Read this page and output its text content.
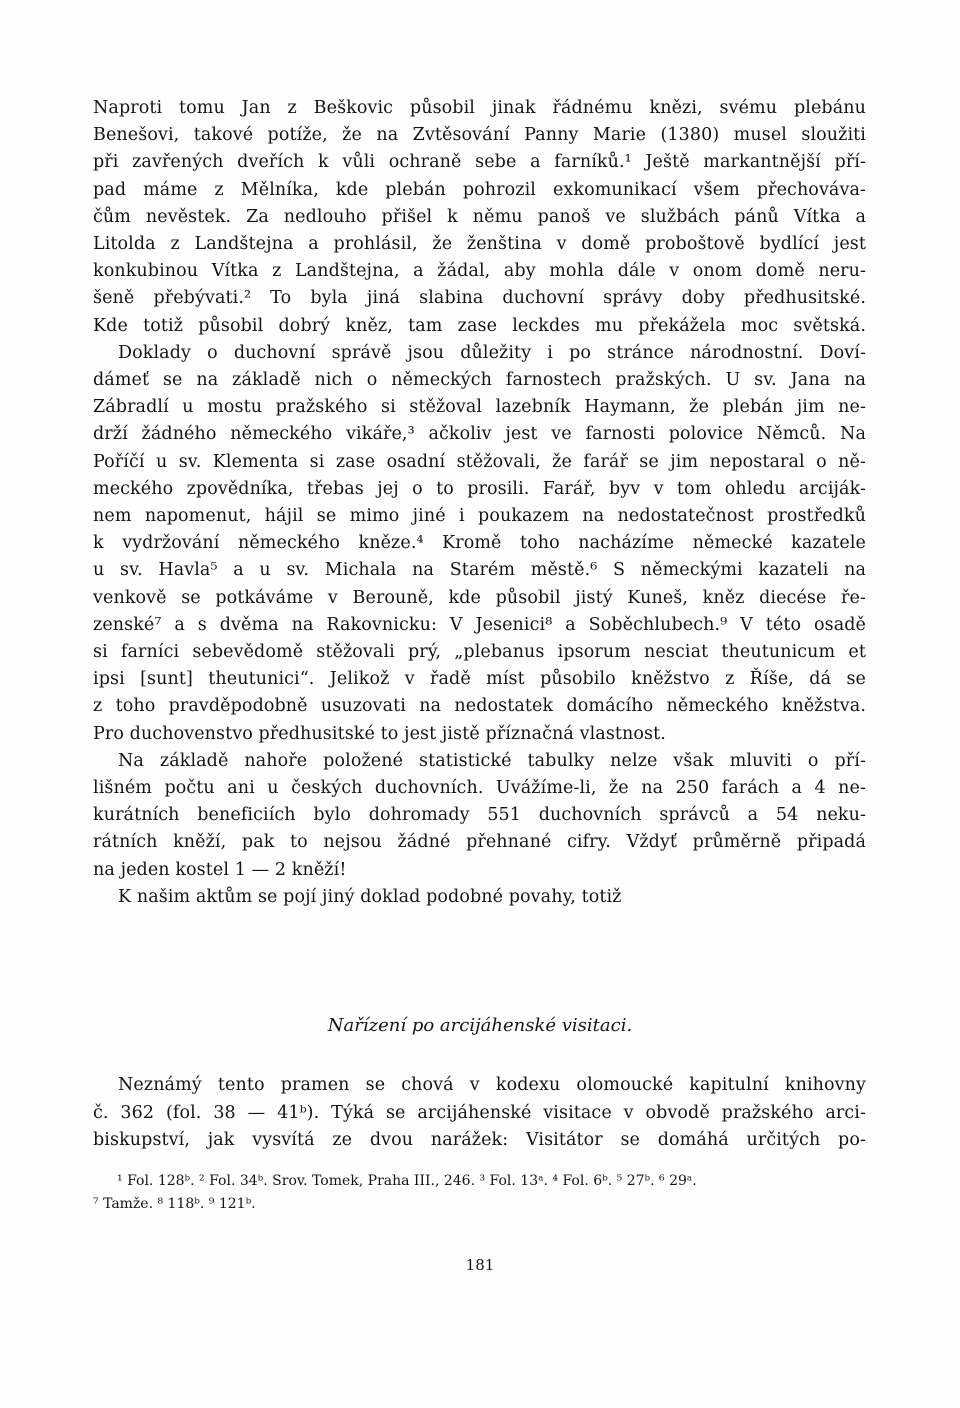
Naproti tomu Jan z Beškovic působil jinak řádnému knězi, svému plebánu
Benešovi, takové potíže, že na Zvtěsování Panny Marie (1380) musel sloužiti
při zavřených dveřích k vůli ochraně sebe a farníků.¹ Ještě markantnější pří-
pad máme z Mělníka, kde plebán pohrozil exkomunikací všem přechováva-
čům nevěstek. Za nedlouho přišel k němu panoš ve službách pánů Vítka a
Litolda z Landštejna a prohlásil, že ženština v domě proboštově bydlící jest
konkubinou Vítka z Landštejna, a žádal, aby mohla dále v onom domě neru-
šeně přebývati.² To byla jiná slabina duchovní správy doby předhusitské.
Kde totiž působil dobrý kněz, tam zase leckdes mu překážela moc světská.
Doklady o duchovní správě jsou důležity i po stránce národnostní. Doví-
dámeť se na základě nich o německých farnostech pražských. U sv. Jana na
Zábradlí u mostu pražského si stěžoval lazebník Haymann, že plebán jim ne-
drží žádného německého vikáře,³ ačkoliv jest ve farnosti polovice Němců. Na
Poříčí u sv. Klementa si zase osadní stěžovali, že farář se jim nepostaral o ně-
meckého zpovědníka, třebas jej o to prosili. Farář, byv v tom ohledu arciják-
nem napomenut, hájil se mimo jiné i poukazem na nedostatečnost prostředků
k vydržování německého kněze.⁴ Kromě toho nacházíme německé kazatele
u sv. Havla⁵ a u sv. Michala na Starém městě.⁶ S německými kazateli na
venkově se potkáváme v Berouně, kde působil jistý Kuneš, kněz diecése ře-
zenské⁷ a s dvěma na Rakovnicku: V Jesenici⁸ a Soběchlubech.⁹ V této osadě
si farníci sebevědomě stěžovali prý, „plebanus ipsorum nesciat theutunicum et
ipsi [sunt] theutunici“. Jelikož v řadě míst působilo kněžstvo z Říše, dá se
z toho pravděpodobně usuzovati na nedostatek domácího německého kněžstva.
Pro duchovenstvo předhusitské to jest jistě příznačná vlastnost.
Na základě nahoře položené statistické tabulky nelze však mluviti o pří-
lišném počtu ani u českých duchovních. Uvážíme-li, že na 250 farách a 4 ne-
kurátních beneficiích bylo dohromady 551 duchovních správců a 54 neku-
rátních kněží, pak to nejsou žádné přehnané cifry. Vždyť průměrně připadá
na jeden kostel 1 — 2 kněží!
K našim aktům se pojí jiný doklad podobné povahy, totiž
Nařízení po arcijáhenské visitaci.
Neznámý tento pramen se chová v kodexu olomoucké kapitulní knihovny
č. 362 (fol. 38 — 41ᵇ). Týká se arcijáhenské visitace v obvodě pražského arci-
biskupství, jak vysvítá ze dvou narážek: Visitátor se domáhá určitých po-
¹ Fol. 128ᵇ. ² Fol. 34ᵇ. Srov. Tomek, Praha III., 246. ³ Fol. 13ᵃ. ⁴ Fol. 6ᵇ. ⁵ 27ᵇ. ⁶ 29ᵃ.
⁷ Tamže. ⁸ 118ᵇ. ⁹ 121ᵇ.
181
